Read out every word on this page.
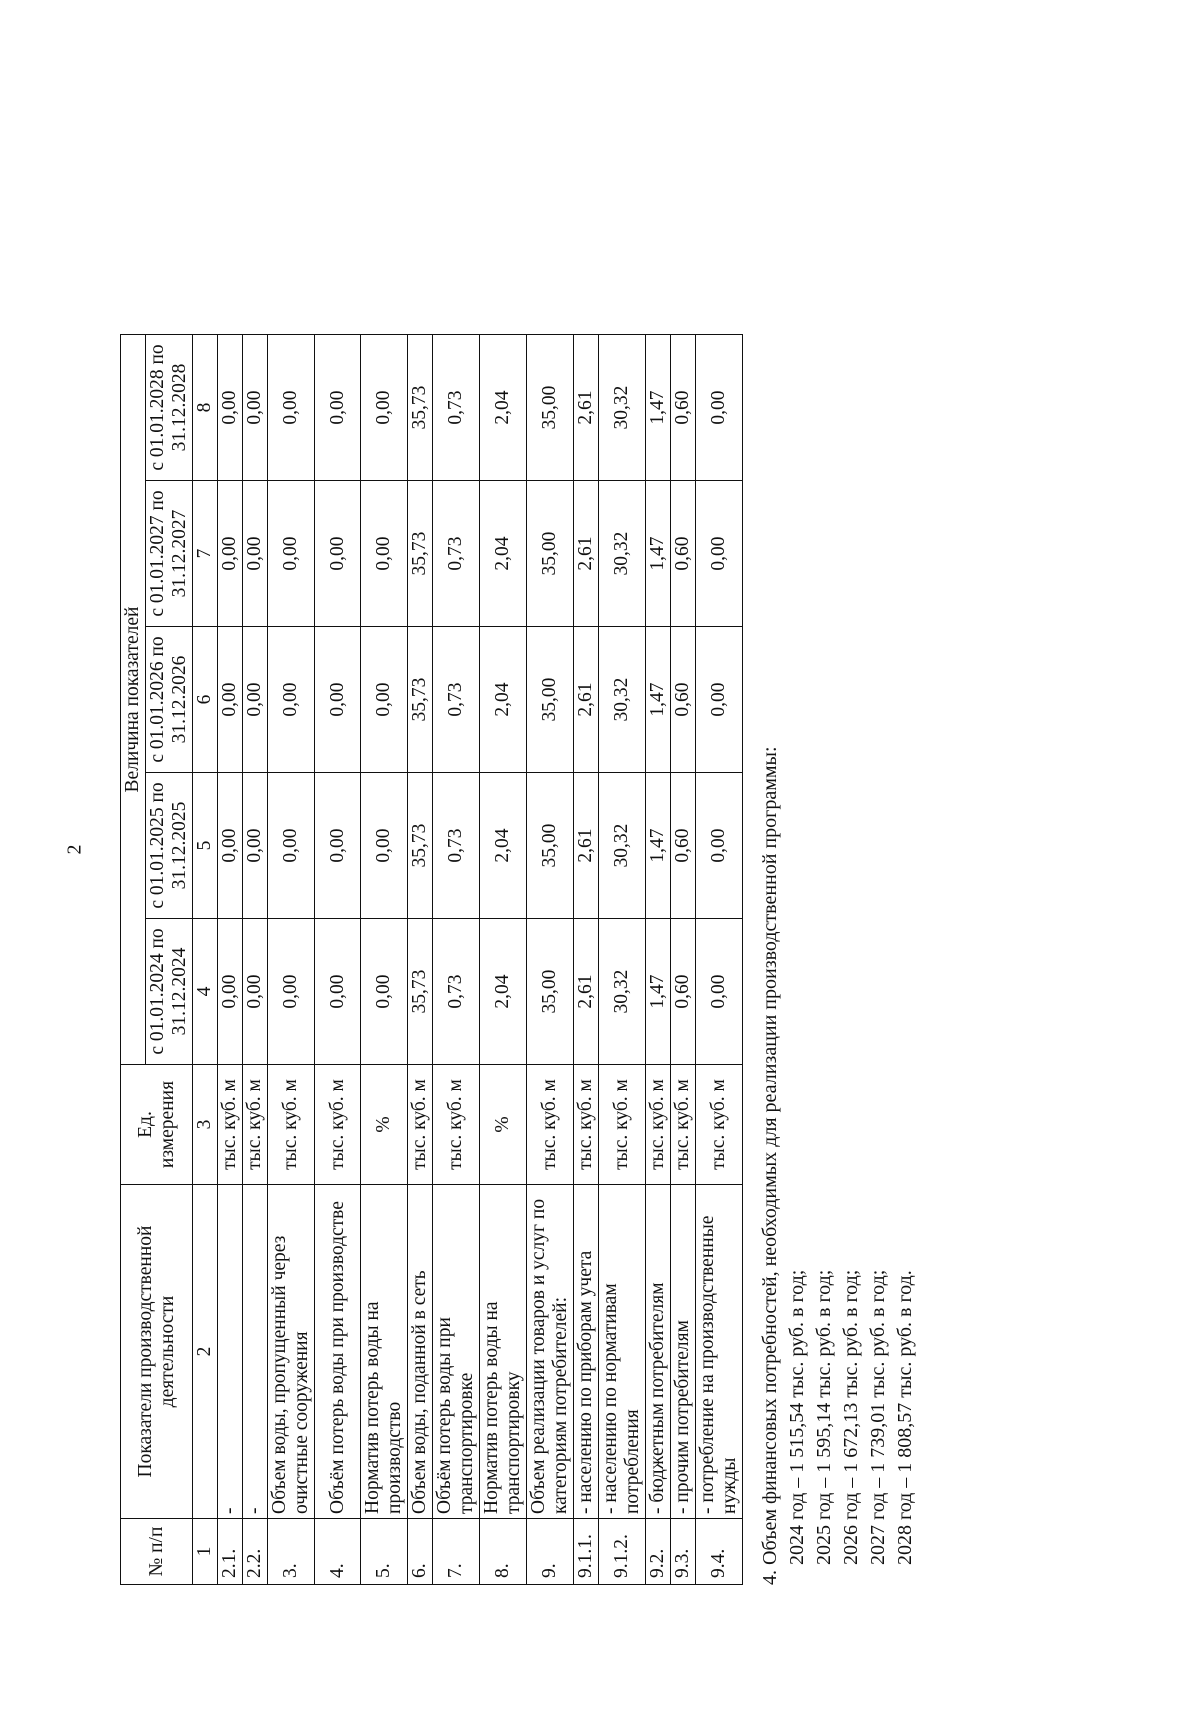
2
№ п/п	Показатели производственной деятельности	Ед. измерения	Величина показателей				
			с 01.01.2024 по 31.12.2024	с 01.01.2025 по 31.12.2025	с 01.01.2026 по 31.12.2026	с 01.01.2027 по 31.12.2027	с 01.01.2028 по 31.12.2028
1	2	3	4	5	6	7	8
2.1.	-	тыс. куб. м	0,00	0,00	0,00	0,00	0,00
2.2.	-	тыс. куб. м	0,00	0,00	0,00	0,00	0,00
3.	Объем воды, пропущенный через очистные сооружения	тыс. куб. м	0,00	0,00	0,00	0,00	0,00
4.	Объём потерь воды при производстве	тыс. куб. м	0,00	0,00	0,00	0,00	0,00
5.	Норматив потерь воды на производство	%	0,00	0,00	0,00	0,00	0,00
6.	Объем воды, поданной в сеть	тыс. куб. м	35,73	35,73	35,73	35,73	35,73
7.	Объём потерь воды при транспортировке	тыс. куб. м	0,73	0,73	0,73	0,73	0,73
8.	Норматив потерь воды на транспортировку	%	2,04	2,04	2,04	2,04	2,04
9.	Объем реализации товаров и услуг по категориям потребителей:	тыс. куб. м	35,00	35,00	35,00	35,00	35,00
9.1.1.	- населению по приборам учета	тыс. куб. м	2,61	2,61	2,61	2,61	2,61
9.1.2.	- населению по нормативам потребления	тыс. куб. м	30,32	30,32	30,32	30,32	30,32
9.2.	- бюджетным потребителям	тыс. куб. м	1,47	1,47	1,47	1,47	1,47
9.3.	- прочим потребителям	тыс. куб. м	0,60	0,60	0,60	0,60	0,60
9.4.	- потребление на производственные нужды	тыс. куб. м	0,00	0,00	0,00	0,00	0,00
4. Объем финансовых потребностей, необходимых для реализации производственной программы: 2024 год – 1 515,54 тыс. руб. в год; 2025 год – 1 595,14 тыс. руб. в год; 2026 год – 1 672,13 тыс. руб. в год; 2027 год – 1 739,01 тыс. руб. в год; 2028 год – 1 808,57 тыс. руб. в год.
